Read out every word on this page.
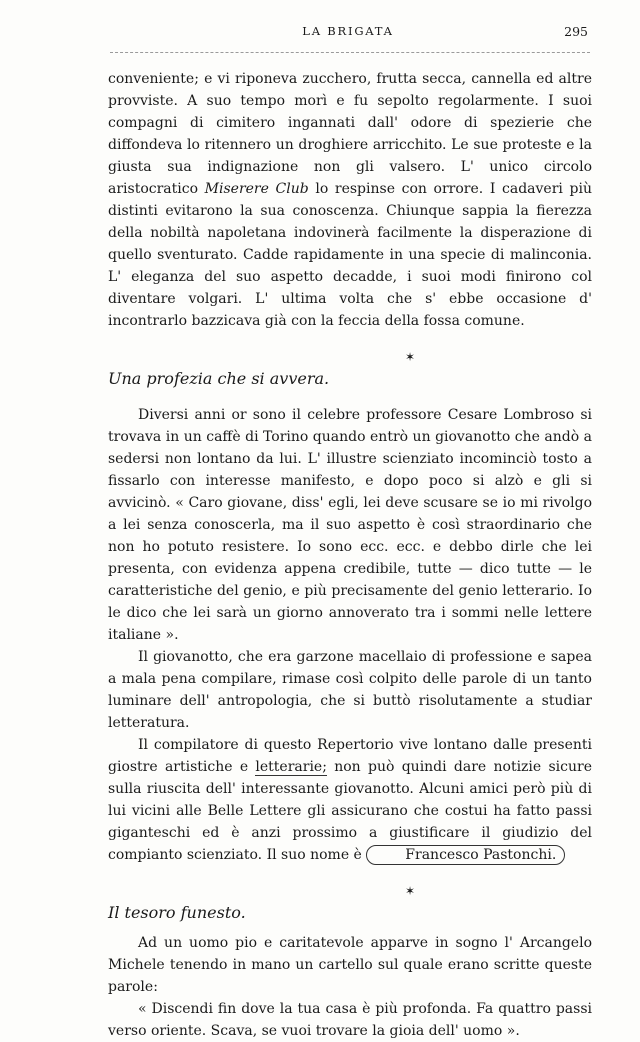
LA BRIGATA	295

conveniente; e vi riponeva zucchero, frutta secca, cannella ed altre provviste. A suo tempo morì e fu sepolto regolarmente. I suoi compagni di cimitero ingannati dall' odore di spezierie che diffondeva lo ritennero un droghiere arricchito. Le sue proteste e la giusta sua indignazione non gli valsero. L' unico circolo aristocratico Miserere Club lo respinse con orrore. I cadaveri più distinti evitarono la sua conoscenza. Chiunque sappia la fierezza della nobiltà napoletana indovinerà facilmente la disperazione di quello sventurato. Cadde rapidamente in una specie di malinconia. L' eleganza del suo aspetto decadde, i suoi modi finirono col diventare volgari. L' ultima volta che s' ebbe occasione d' incontrarlo bazzicava già con la feccia della fossa comune.

✶
Una profezia che si avvera.

Diversi anni or sono il celebre professore Cesare Lombroso si trovava in un caffè di Torino quando entrò un giovanotto che andò a sedersi non lontano da lui. L' illustre scienziato incominciò tosto a fissarlo con interesse manifesto, e dopo poco si alzò e gli si avvicinò. « Caro giovane, diss' egli, lei deve scusare se io mi rivolgo a lei senza conoscerla, ma il suo aspetto è così straordinario che non ho potuto resistere. Io sono ecc. ecc. e debbo dirle che lei presenta, con evidenza appena credibile, tutte — dico tutte — le caratteristiche del genio, e più precisamente del genio letterario. Io le dico che lei sarà un giorno annoverato tra i sommi nelle lettere italiane ».

Il giovanotto, che era garzone macellaio di professione e sapea a mala pena compilare, rimase così colpito delle parole di un tanto luminare dell' antropologia, che si buttò risolutamente a studiar letteratura.

Il compilatore di questo Repertorio vive lontano dalle presenti giostre artistiche e letterarie; non può quindi dare notizie sicure sulla riuscita dell' interessante giovanotto. Alcuni amici però più di lui vicini alle Belle Lettere gli assicurano che costui ha fatto passi giganteschi ed è anzi prossimo a giustificare il giudizio del compianto scienziato. Il suo nome è	Francesco Pastonchi.

✶
Il tesoro funesto.

Ad un uomo pio e caritatevole apparve in sogno l' Arcangelo Michele tenendo in mano un cartello sul quale erano scritte queste parole:

« Discendi fin dove la tua casa è più profonda. Fa quattro passi verso oriente. Scava, se vuoi trovare la gioia dell' uomo ».
